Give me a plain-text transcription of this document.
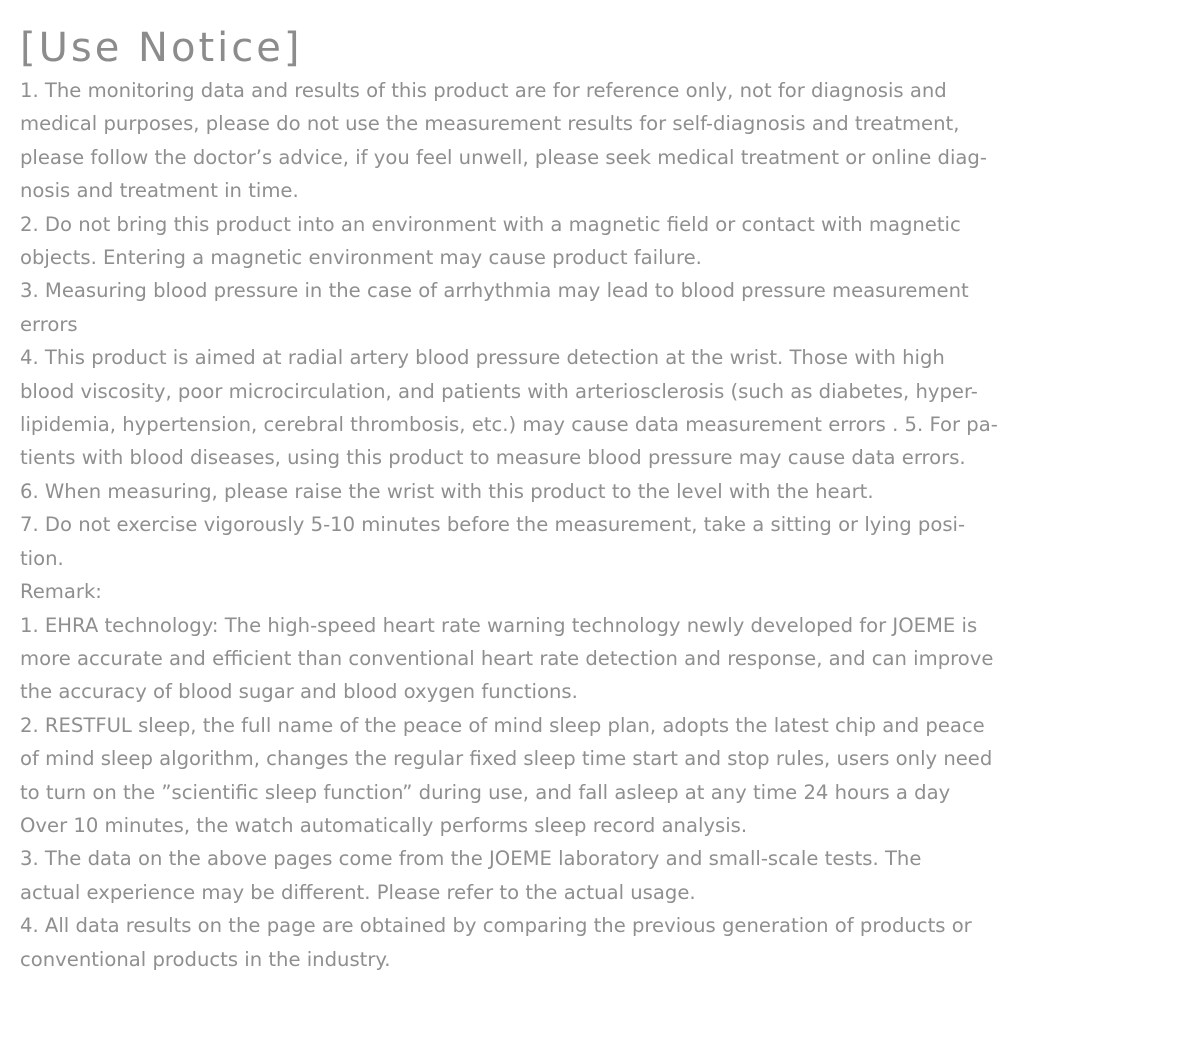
[Use Notice]
1. The monitoring data and results of this product are for reference only, not for diagnosis and
medical purposes, please do not use the measurement results for self-diagnosis and treatment,
please follow the doctor’s advice, if you feel unwell, please seek medical treatment or online diag-
nosis and treatment in time.
2. Do not bring this product into an environment with a magnetic field or contact with magnetic
objects. Entering a magnetic environment may cause product failure.
3. Measuring blood pressure in the case of arrhythmia may lead to blood pressure measurement
errors
4. This product is aimed at radial artery blood pressure detection at the wrist. Those with high
blood viscosity, poor microcirculation, and patients with arteriosclerosis (such as diabetes, hyper-
lipidemia, hypertension, cerebral thrombosis, etc.) may cause data measurement errors . 5. For pa-
tients with blood diseases, using this product to measure blood pressure may cause data errors.
6. When measuring, please raise the wrist with this product to the level with the heart.
7. Do not exercise vigorously 5-10 minutes before the measurement, take a sitting or lying posi-
tion.
Remark:
1. EHRA technology: The high-speed heart rate warning technology newly developed for JOEME is
more accurate and efficient than conventional heart rate detection and response, and can improve
the accuracy of blood sugar and blood oxygen functions.
2. RESTFUL sleep, the full name of the peace of mind sleep plan, adopts the latest chip and peace
of mind sleep algorithm, changes the regular fixed sleep time start and stop rules, users only need
to turn on the ”scientific sleep function” during use, and fall asleep at any time 24 hours a day
Over 10 minutes, the watch automatically performs sleep record analysis.
3. The data on the above pages come from the JOEME laboratory and small-scale tests. The
actual experience may be different. Please refer to the actual usage.
4. All data results on the page are obtained by comparing the previous generation of products or
conventional products in the industry.
